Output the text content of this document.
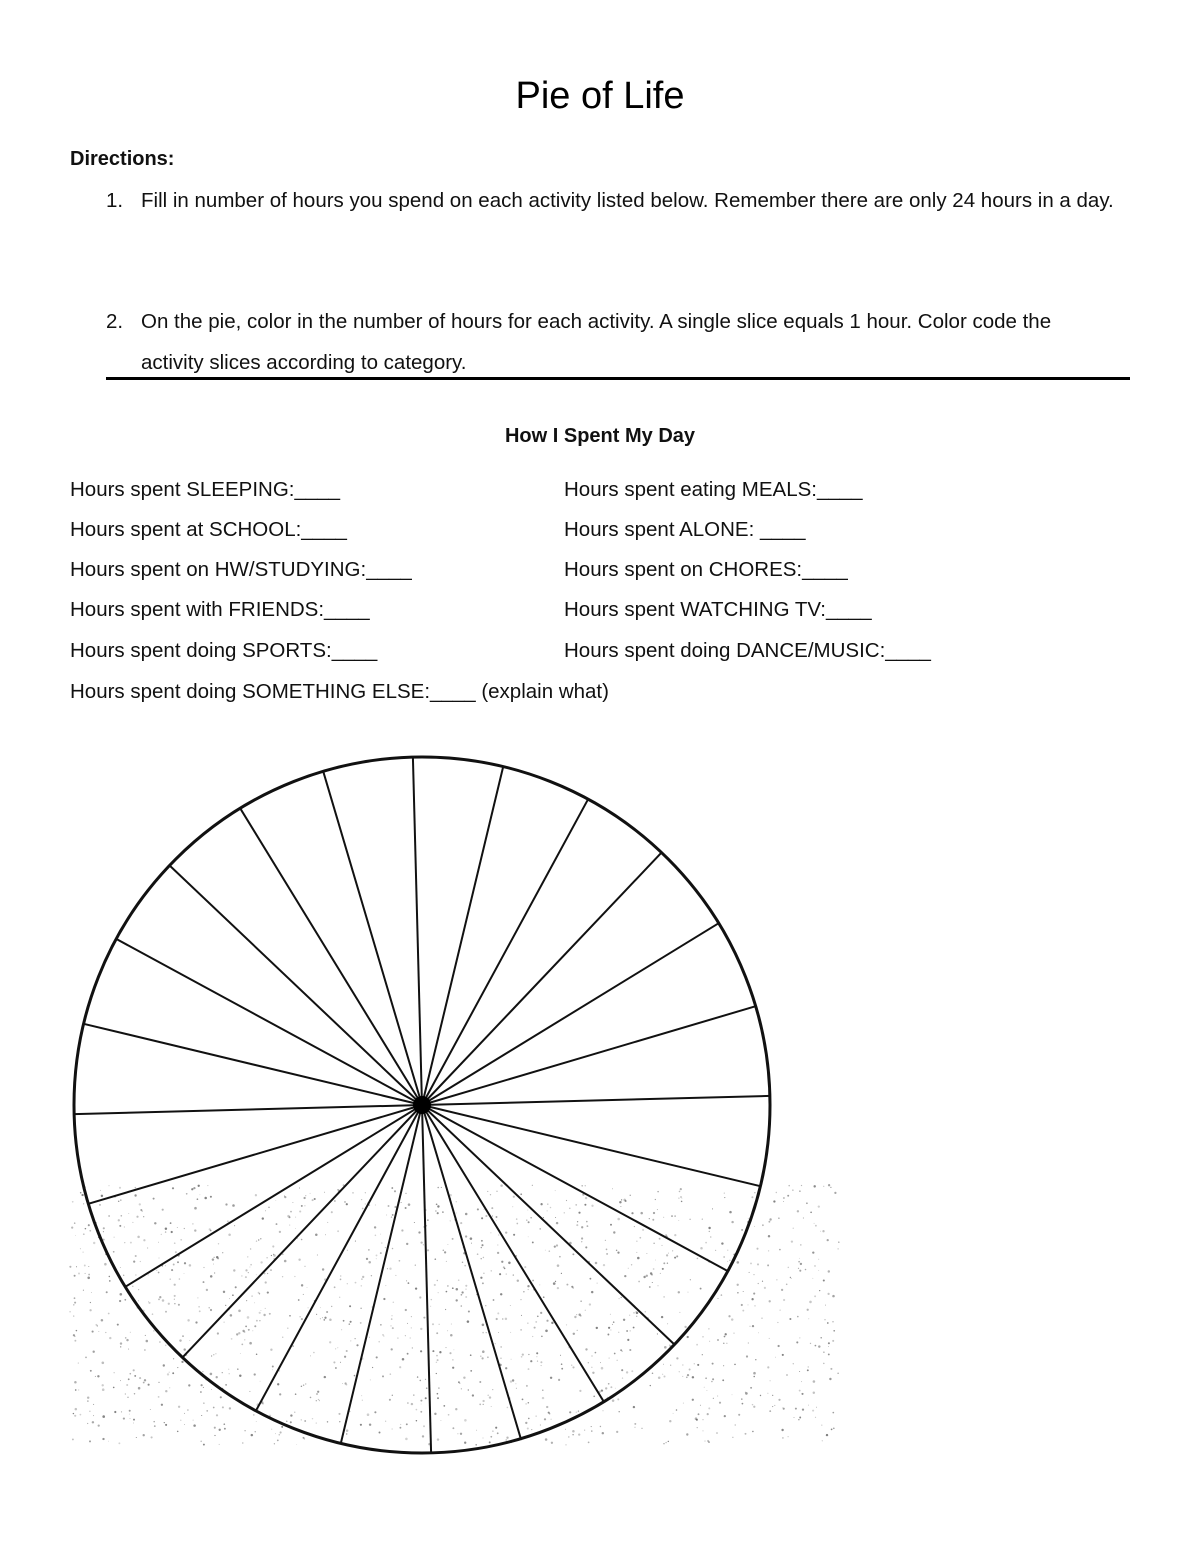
Pie of Life
Directions:
1. Fill in number of hours you spend on each activity listed below. Remember there are only 24 hours in a day.
2. On the pie, color in the number of hours for each activity. A single slice equals 1 hour. Color code the activity slices according to category.
How I Spent My Day
Hours spent SLEEPING:____
Hours spent at SCHOOL:____
Hours spent on HW/STUDYING:____
Hours spent with FRIENDS:____
Hours spent doing SPORTS:____
Hours spent eating MEALS:____
Hours spent ALONE: ____
Hours spent on CHORES:____
Hours spent WATCHING TV:____
Hours spent doing DANCE/MUSIC:____
Hours spent doing SOMETHING ELSE:____ (explain what)
